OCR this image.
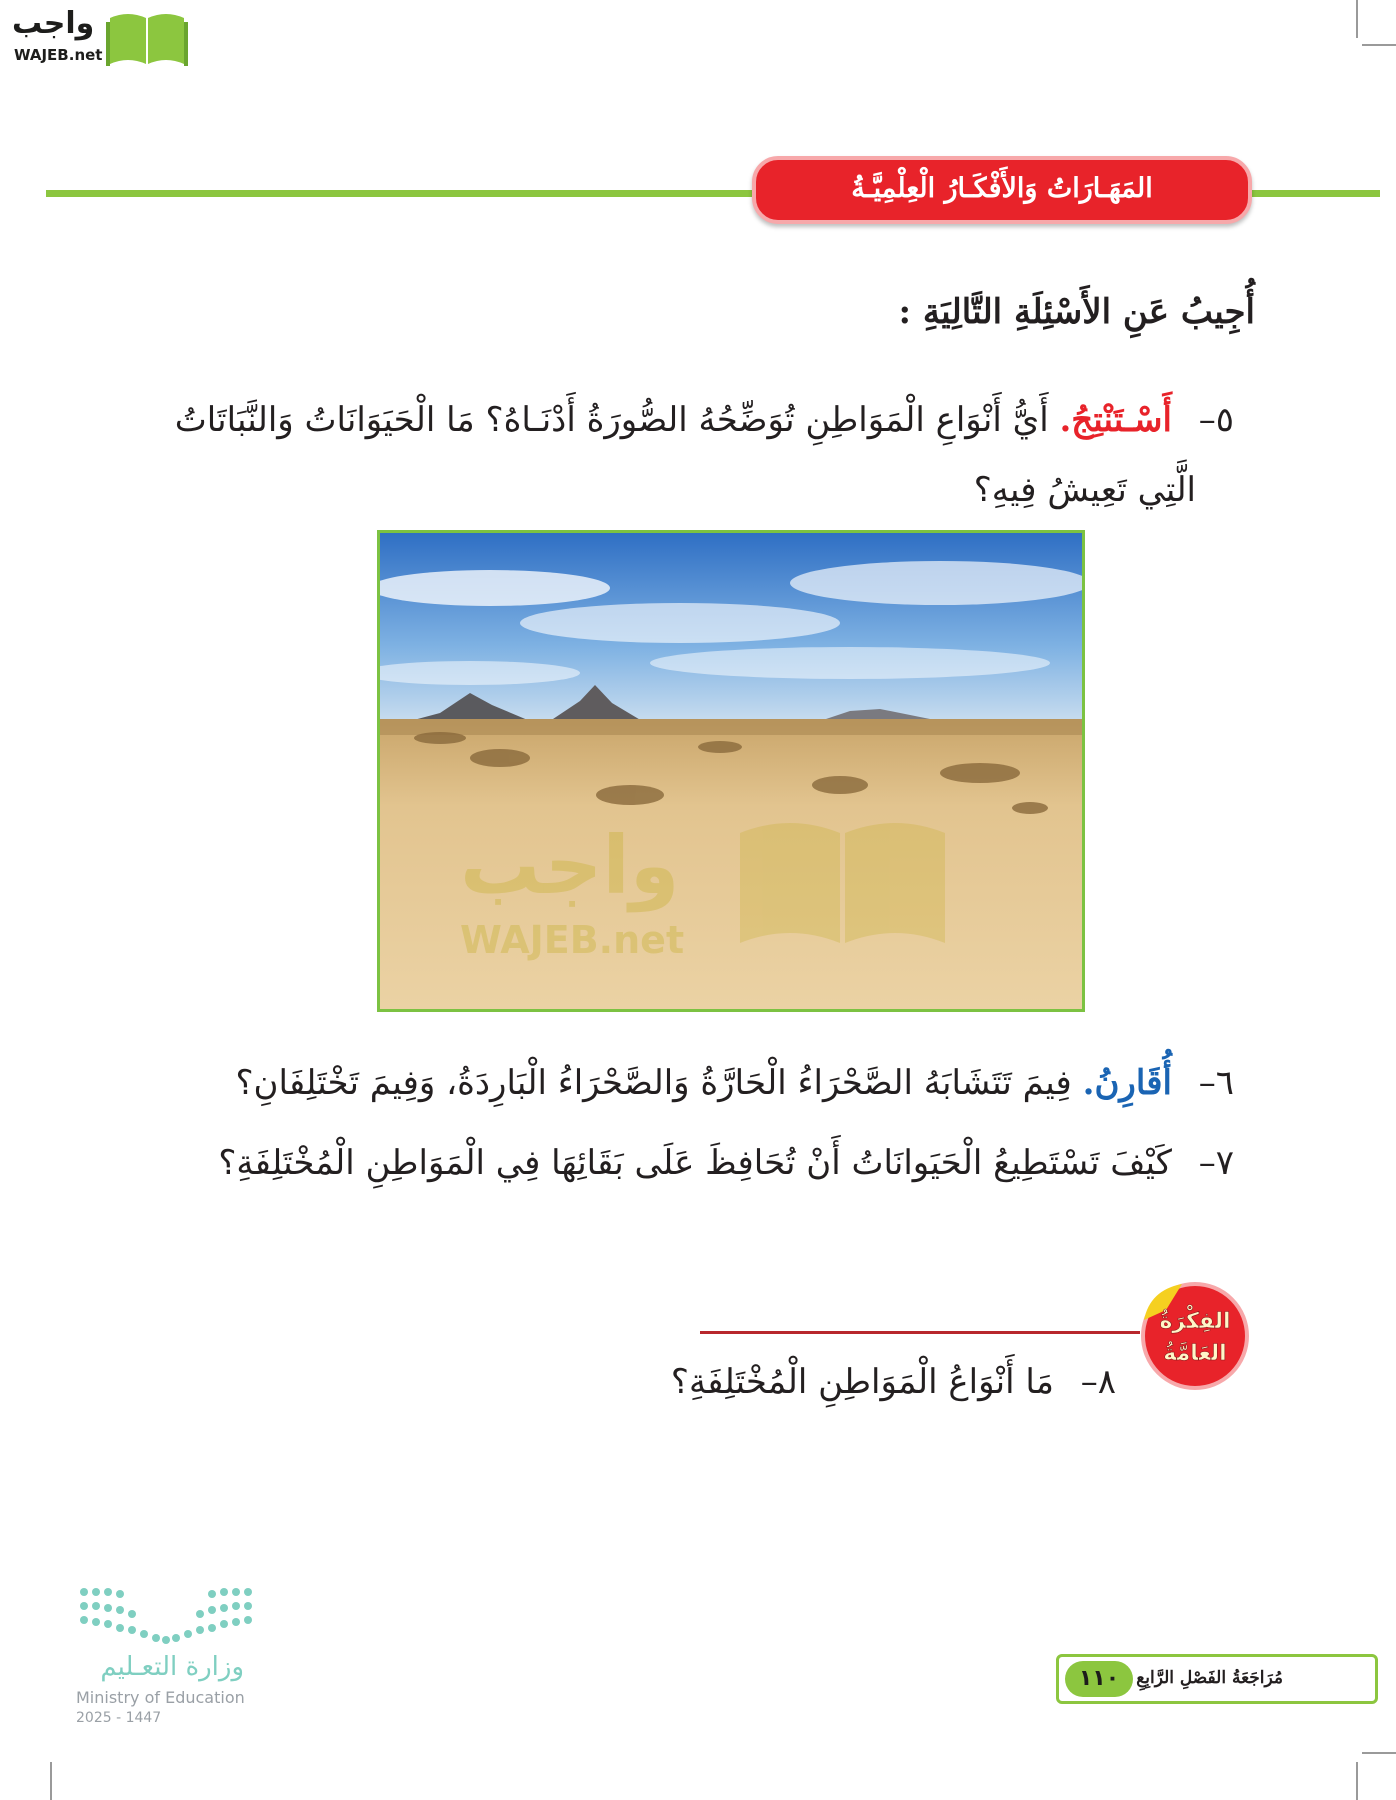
واجب
WAJEB.net
المَهَـارَاتُ وَالأَفْكَـارُ الْعِلْمِيَّـةُ
أُجِيبُ عَنِ الأَسْئِلَةِ التَّالِيَةِ :
٥– أَسْـتَنْتِجُ. أَيُّ أَنْوَاعِ الْمَوَاطِنِ تُوَضِّحُهُ الصُّورَةُ أَدْنَـاهُ؟ مَا الْحَيَوَانَاتُ وَالنَّبَاتَاتُ
الَّتِي تَعِيشُ فِيهِ؟
واجب
WAJEB.net
٦– أُقَارِنُ. فِيمَ تَتَشَابَهُ الصَّحْرَاءُ الْحَارَّةُ وَالصَّحْرَاءُ الْبَارِدَةُ، وَفِيمَ تَخْتَلِفَانِ؟
٧– كَيْفَ تَسْتَطِيعُ الْحَيَوانَاتُ أَنْ تُحَافِظَ عَلَى بَقَائِهَا فِي الْمَوَاطِنِ الْمُخْتَلِفَةِ؟
الفِكْرَةُ
العَامَّةُ
٨– مَا أَنْوَاعُ الْمَوَاطِنِ الْمُخْتَلِفَةِ؟
وزارة التعـليم
Ministry of Education
2025 - 1447
مُرَاجَعَةُ الفَصْلِ الرَّابِعِ
١١٠
